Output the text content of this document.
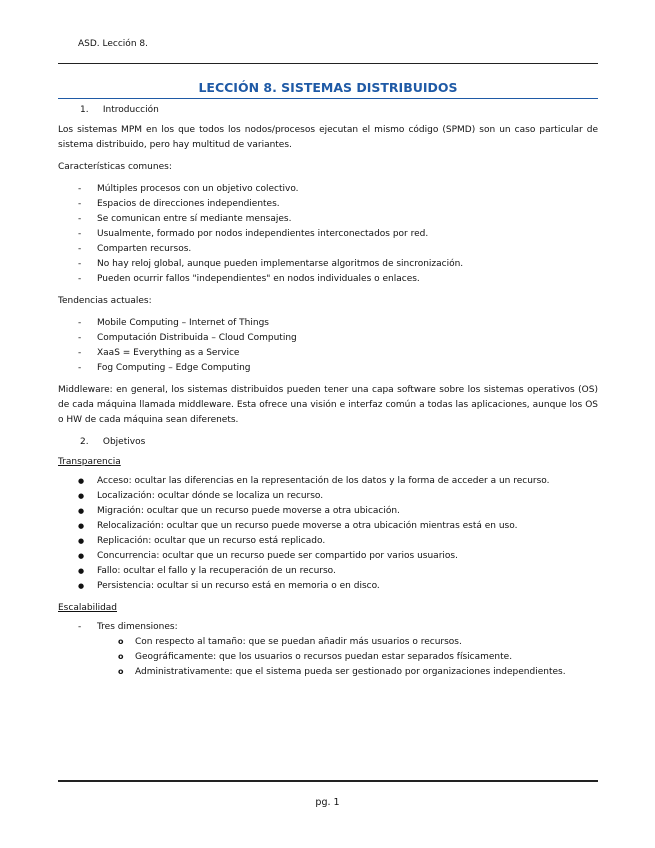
ASD. Lección 8.
LECCIÓN 8. SISTEMAS DISTRIBUIDOS
1. Introducción

Los sistemas MPM en los que todos los nodos/procesos ejecutan el mismo código (SPMD) son un caso particular de sistema distribuido, pero hay multitud de variantes.

Características comunes:

- Múltiples procesos con un objetivo colectivo.
- Espacios de direcciones independientes.
- Se comunican entre sí mediante mensajes.
- Usualmente, formado por nodos independientes interconectados por red.
- Comparten recursos.
- No hay reloj global, aunque pueden implementarse algoritmos de sincronización.
- Pueden ocurrir fallos "independientes" en nodos individuales o enlaces.

Tendencias actuales:

- Mobile Computing – Internet of Things
- Computación Distribuida – Cloud Computing
- XaaS = Everything as a Service
- Fog Computing – Edge Computing

Middleware: en general, los sistemas distribuidos pueden tener una capa software sobre los sistemas operativos (OS) de cada máquina llamada middleware. Esta ofrece una visión e interfaz común a todas las aplicaciones, aunque los OS o HW de cada máquina sean diferenets.

2. Objetivos
Transparencia
● Acceso: ocultar las diferencias en la representación de los datos y la forma de acceder a un recurso.
● Localización: ocultar dónde se localiza un recurso.
● Migración: ocultar que un recurso puede moverse a otra ubicación.
● Relocalización: ocultar que un recurso puede moverse a otra ubicación mientras está en uso.
● Replicación: ocultar que un recurso está replicado.
● Concurrencia: ocultar que un recurso puede ser compartido por varios usuarios.
● Fallo: ocultar el fallo y la recuperación de un recurso.
● Persistencia: ocultar si un recurso está en memoria o en disco.
Escalabilidad
- Tres dimensiones:
o Con respecto al tamaño: que se puedan añadir más usuarios o recursos.
o Geográficamente: que los usuarios o recursos puedan estar separados físicamente.
o Administrativamente: que el sistema pueda ser gestionado por organizaciones independientes.
pg. 1
